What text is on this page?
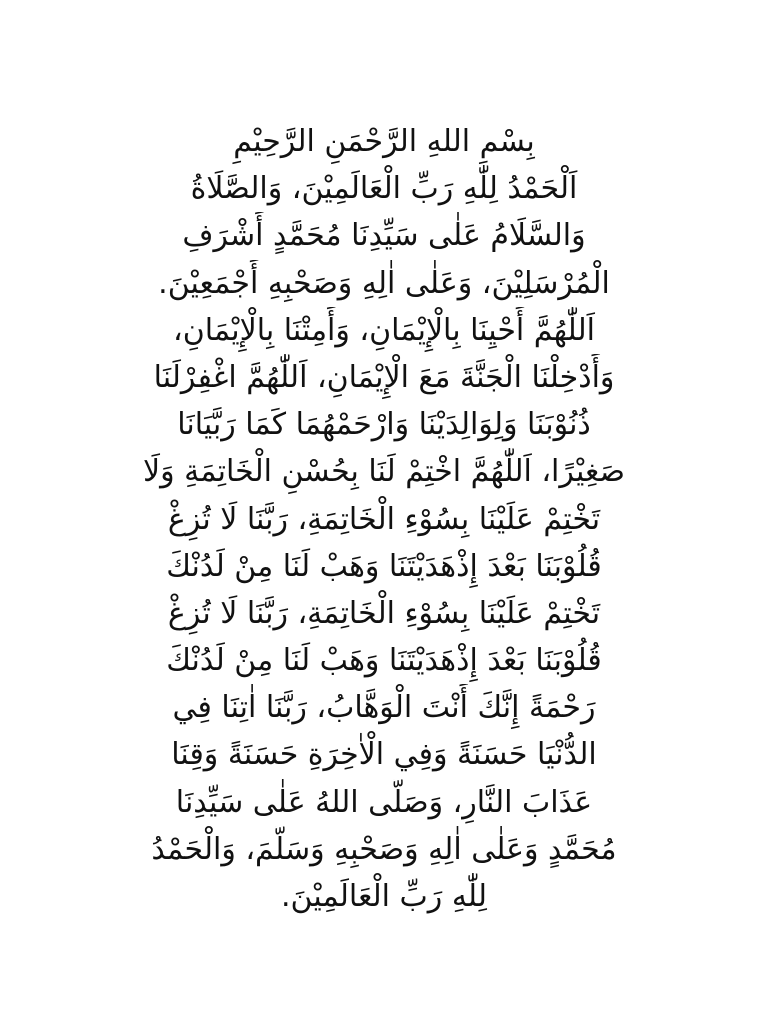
بِسْمِ اللهِ الرَّحْمَنِ الرَّحِيْمِ
اَلْحَمْدُ لِلّٰهِ رَبِّ الْعَالَمِيْنَ، وَالصَّلَاةُ
وَالسَّلَامُ عَلٰى سَيِّدِنَا مُحَمَّدٍ أَشْرَفِ
الْمُرْسَلِيْنَ، وَعَلٰى اٰلِهِ وَصَحْبِهِ أَجْمَعِيْنَ.
اَللّٰهُمَّ أَحْيِنَا بِالْإِيْمَانِ، وَأَمِتْنَا بِالْإِيْمَانِ،
وَأَدْخِلْنَا الْجَنَّةَ مَعَ الْإِيْمَانِ، اَللّٰهُمَّ اغْفِرْلَنَا
ذُنُوْبَنَا وَلِوَالِدَيْنَا وَارْحَمْهُمَا كَمَا رَبَّيَانَا
صَغِيْرًا، اَللّٰهُمَّ اخْتِمْ لَنَا بِحُسْنِ الْخَاتِمَةِ وَلَا
تَخْتِمْ عَلَيْنَا بِسُوْءِ الْخَاتِمَةِ، رَبَّنَا لَا تُزِغْ
قُلُوْبَنَا بَعْدَ إِذْهَدَيْتَنَا وَهَبْ لَنَا مِنْ لَدُنْكَ
تَخْتِمْ عَلَيْنَا بِسُوْءِ الْخَاتِمَةِ، رَبَّنَا لَا تُزِغْ
قُلُوْبَنَا بَعْدَ إِذْهَدَيْتَنَا وَهَبْ لَنَا مِنْ لَدُنْكَ
رَحْمَةً إِنَّكَ أَنْتَ الْوَهَّابُ، رَبَّنَا اٰتِنَا فِي
الدُّنْيَا حَسَنَةً وَفِي الْاٰخِرَةِ حَسَنَةً وَقِنَا
عَذَابَ النَّارِ، وَصَلَّى اللهُ عَلٰى سَيِّدِنَا
مُحَمَّدٍ وَعَلٰى اٰلِهِ وَصَحْبِهِ وَسَلَّمَ، وَالْحَمْدُ
لِلّٰهِ رَبِّ الْعَالَمِيْنَ.
